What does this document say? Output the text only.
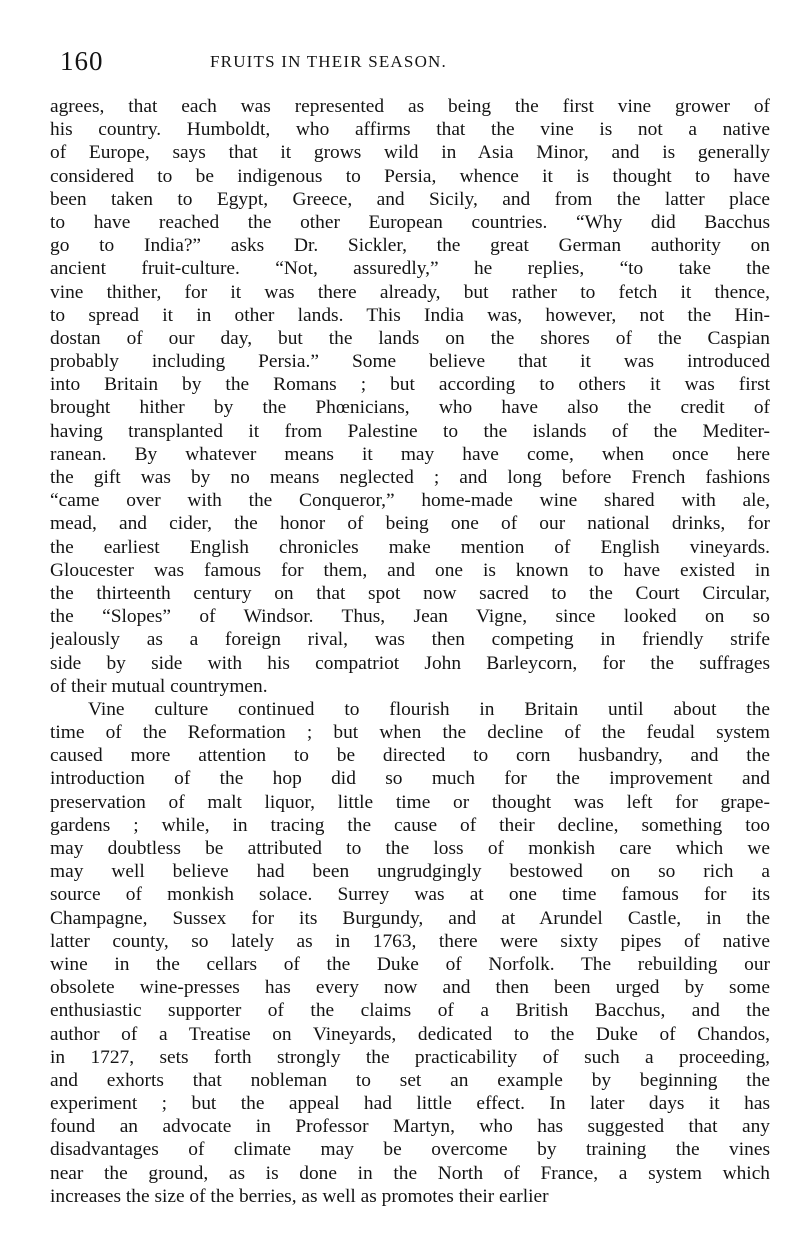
160	FRUITS IN THEIR SEASON.
agrees, that each was represented as being the first vine grower of
his country. Humboldt, who affirms that the vine is not a native
of Europe, says that it grows wild in Asia Minor, and is generally
considered to be indigenous to Persia, whence it is thought to have
been taken to Egypt, Greece, and Sicily, and from the latter place
to have reached the other European countries. “Why did Bacchus
go to India?” asks Dr. Sickler, the great German authority on
ancient fruit-culture. “Not, assuredly,” he replies, “to take the
vine thither, for it was there already, but rather to fetch it thence,
to spread it in other lands. This India was, however, not the Hin-
dostan of our day, but the lands on the shores of the Caspian
probably including Persia.” Some believe that it was introduced
into Britain by the Romans ; but according to others it was first
brought hither by the Phœnicians, who have also the credit of
having transplanted it from Palestine to the islands of the Mediter-
ranean. By whatever means it may have come, when once here
the gift was by no means neglected ; and long before French fashions
“came over with the Conqueror,” home-made wine shared with ale,
mead, and cider, the honor of being one of our national drinks, for
the earliest English chronicles make mention of English vineyards.
Gloucester was famous for them, and one is known to have existed in
the thirteenth century on that spot now sacred to the Court Circular,
the “Slopes” of Windsor. Thus, Jean Vigne, since looked on so
jealously as a foreign rival, was then competing in friendly strife
side by side with his compatriot John Barleycorn, for the suffrages
of their mutual countrymen.
Vine culture continued to flourish in Britain until about the
time of the Reformation ; but when the decline of the feudal system
caused more attention to be directed to corn husbandry, and the
introduction of the hop did so much for the improvement and
preservation of malt liquor, little time or thought was left for grape-
gardens ; while, in tracing the cause of their decline, something too
may doubtless be attributed to the loss of monkish care which we
may well believe had been ungrudgingly bestowed on so rich a
source of monkish solace. Surrey was at one time famous for its
Champagne, Sussex for its Burgundy, and at Arundel Castle, in the
latter county, so lately as in 1763, there were sixty pipes of native
wine in the cellars of the Duke of Norfolk. The rebuilding our
obsolete wine-presses has every now and then been urged by some
enthusiastic supporter of the claims of a British Bacchus, and the
author of a Treatise on Vineyards, dedicated to the Duke of Chandos,
in 1727, sets forth strongly the practicability of such a proceeding,
and exhorts that nobleman to set an example by beginning the
experiment ; but the appeal had little effect. In later days it has
found an advocate in Professor Martyn, who has suggested that any
disadvantages of climate may be overcome by training the vines
near the ground, as is done in the North of France, a system which
increases the size of the berries, as well as promotes their earlier
